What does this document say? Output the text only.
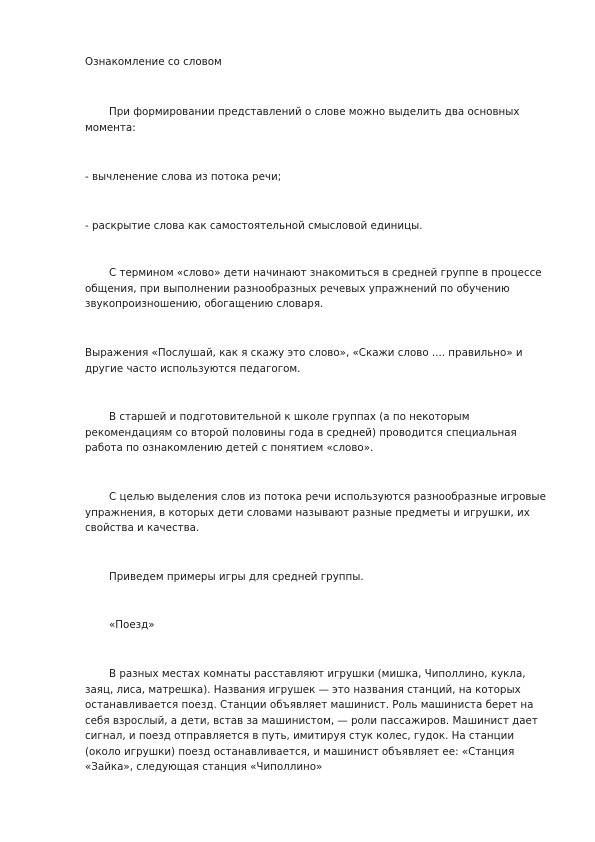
Ознакомление со словом

При формировании представлений о слове можно выделить два основных момента:

- вычленение слова из потока речи;

- раскрытие слова как самостоятельной смысловой единицы.

С термином «слово» дети начинают знакомиться в средней группе в процессе общения, при выполнении разнообразных речевых упражнений по обучению звукопроизношению, обогащению словаря.

Выражения «Послушай, как я скажу это слово», «Скажи слово .... правильно» и другие часто используются педагогом.

В старшей и подготовительной к школе группах (а по некоторым рекомендациям со второй половины года в средней) проводится специальная работа по ознакомлению детей с понятием «слово».

С целью выделения слов из потока речи используются разнообразные игровые упражнения, в которых дети словами называют разные предметы и игрушки, их свойства и качества.

Приведем примеры игры для средней группы.

«Поезд»

В разных местах комнаты расставляют игрушки (мишка, Чиполлино, кукла, заяц, лиса, матрешка). Названия игрушек — это названия станций, на которых останавливается поезд. Станции объявляет машинист. Роль машиниста берет на себя взрослый, а дети, встав за машинистом, — роли пассажиров. Машинист дает сигнал, и поезд отправляется в путь, имитируя стук колес, гудок. На станции (около игрушки) поезд останавливается, и машинист объявляет ее: «Станция «Зайка», следующая станция «Чиполлино»
